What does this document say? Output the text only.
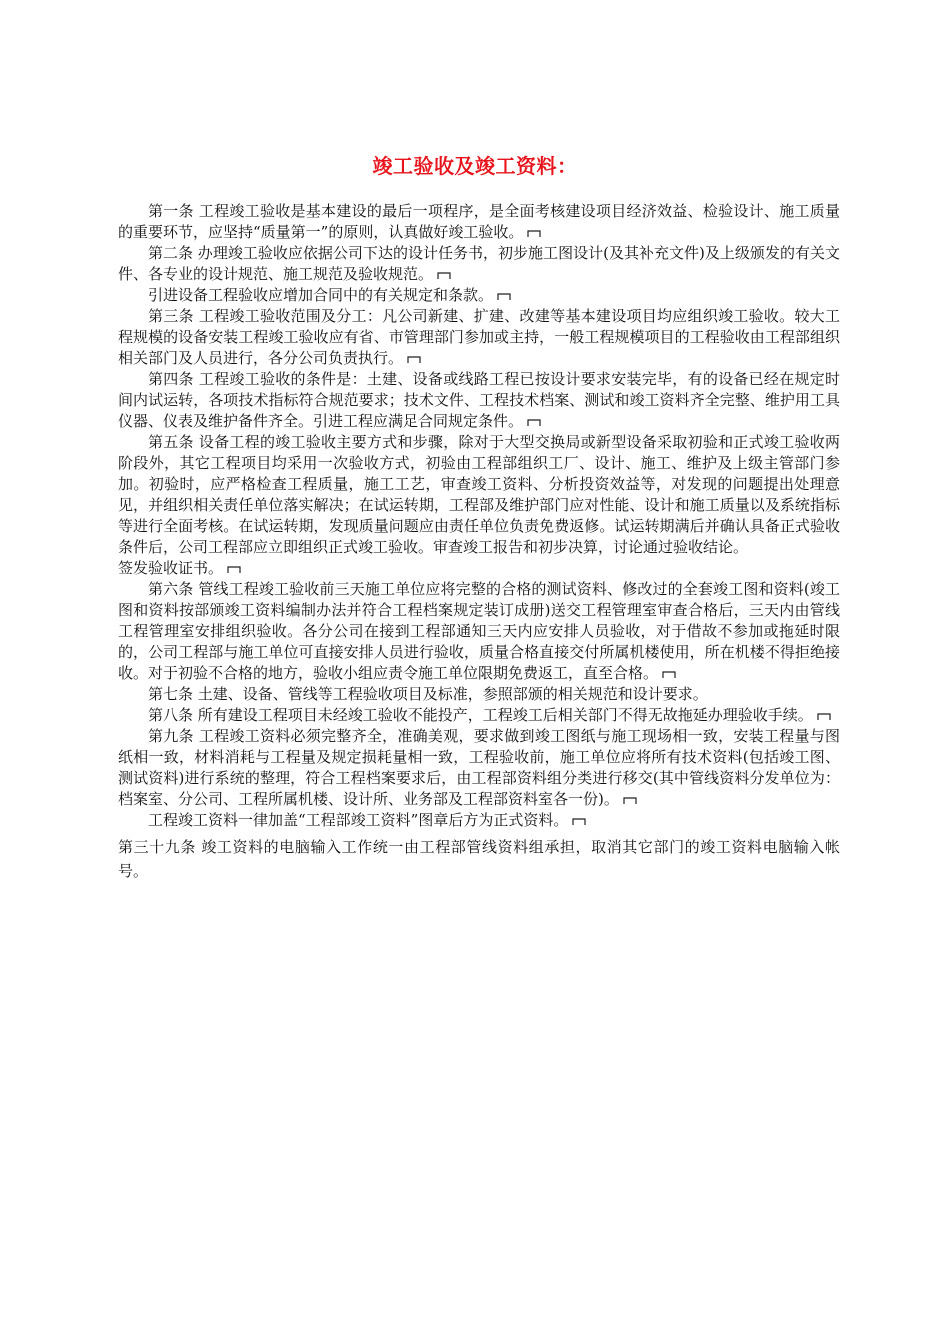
竣工验收及竣工资料：

第一条 工程竣工验收是基本建设的最后一项程序，是全面考核建设项目经济效益、检验设计、施工质量的重要环节，应坚持“质量第一”的原则，认真做好竣工验收。

第二条 办理竣工验收应依据公司下达的设计任务书，初步施工图设计(及其补充文件)及上级颁发的有关文件、各专业的设计规范、施工规范及验收规范。

引进设备工程验收应增加合同中的有关规定和条款。

第三条 工程竣工验收范围及分工：凡公司新建、扩建、改建等基本建设项目均应组织竣工验收。较大工程规模的设备安装工程竣工验收应有省、市管理部门参加或主持，一般工程规模项目的工程验收由工程部组织相关部门及人员进行，各分公司负责执行。

第四条 工程竣工验收的条件是：土建、设备或线路工程已按设计要求安装完毕，有的设备已经在规定时间内试运转，各项技术指标符合规范要求；技术文件、工程技术档案、测试和竣工资料齐全完整、维护用工具仪器、仪表及维护备件齐全。引进工程应满足合同规定条件。

第五条 设备工程的竣工验收主要方式和步骤，除对于大型交换局或新型设备采取初验和正式竣工验收两阶段外，其它工程项目均采用一次验收方式，初验由工程部组织工厂、设计、施工、维护及上级主管部门参加。初验时，应严格检查工程质量，施工工艺，审查竣工资料、分析投资效益等，对发现的问题提出处理意见，并组织相关责任单位落实解决；在试运转期，工程部及维护部门应对性能、设计和施工质量以及系统指标等进行全面考核。在试运转期，发现质量问题应由责任单位负责免费返修。试运转期满后并确认具备正式验收条件后，公司工程部应立即组织正式竣工验收。审查竣工报告和初步决算，讨论通过验收结论。

签发验收证书。

第六条 管线工程竣工验收前三天施工单位应将完整的合格的测试资料、修改过的全套竣工图和资料(竣工图和资料按部颁竣工资料编制办法并符合工程档案规定装订成册)送交工程管理室审查合格后，三天内由管线工程管理室安排组织验收。各分公司在接到工程部通知三天内应安排人员验收，对于借故不参加或拖延时限的，公司工程部与施工单位可直接安排人员进行验收，质量合格直接交付所属机楼使用，所在机楼不得拒绝接收。对于初验不合格的地方，验收小组应责令施工单位限期免费返工，直至合格。

第七条 土建、设备、管线等工程验收项目及标准，参照部颁的相关规范和设计要求。

第八条 所有建设工程项目未经竣工验收不能投产，工程竣工后相关部门不得无故拖延办理验收手续。

第九条 工程竣工资料必须完整齐全，准确美观，要求做到竣工图纸与施工现场相一致，安装工程量与图纸相一致，材料消耗与工程量及规定损耗量相一致，工程验收前，施工单位应将所有技术资料(包括竣工图、测试资料)进行系统的整理，符合工程档案要求后，由工程部资料组分类进行移交(其中管线资料分发单位为：档案室、分公司、工程所属机楼、设计所、业务部及工程部资料室各一份)。

工程竣工资料一律加盖“工程部竣工资料”图章后方为正式资料。

第三十九条 竣工资料的电脑输入工作统一由工程部管线资料组承担，取消其它部门的竣工资料电脑输入帐号。
